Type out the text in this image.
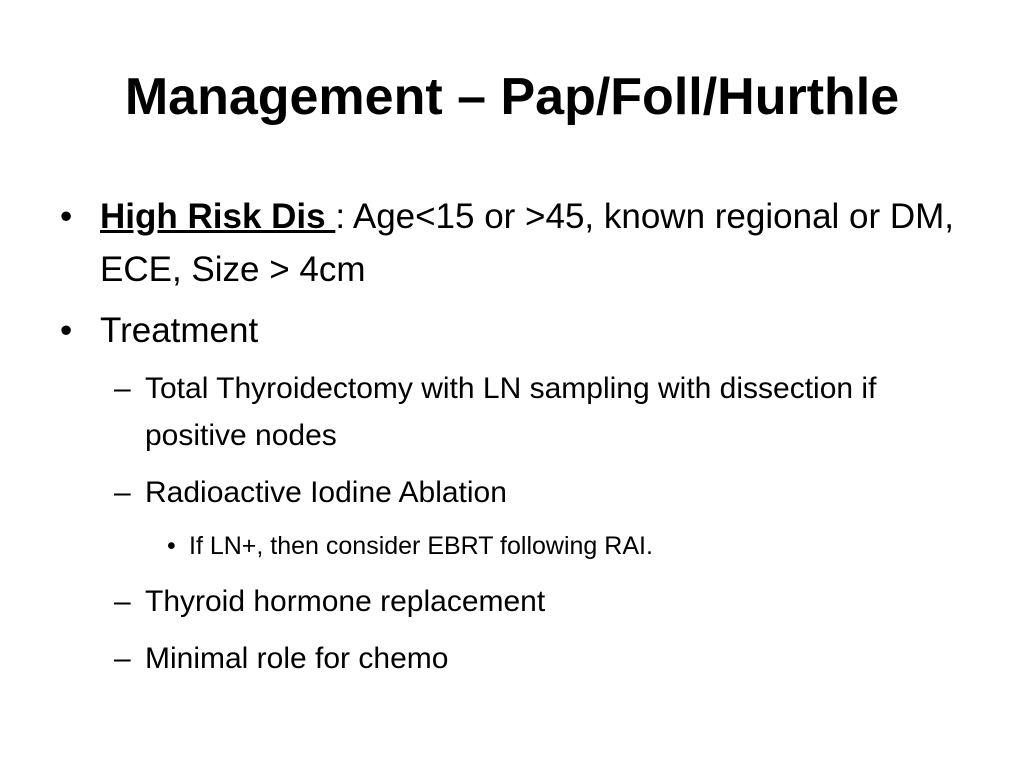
Management – Pap/Foll/Hurthle
• High Risk Dis : Age<15 or >45, known regional or DM, ECE, Size > 4cm
• Treatment
– Total Thyroidectomy with LN sampling with dissection if positive nodes
– Radioactive Iodine Ablation
• If LN+, then consider EBRT following RAI.
– Thyroid hormone replacement
– Minimal role for chemo
